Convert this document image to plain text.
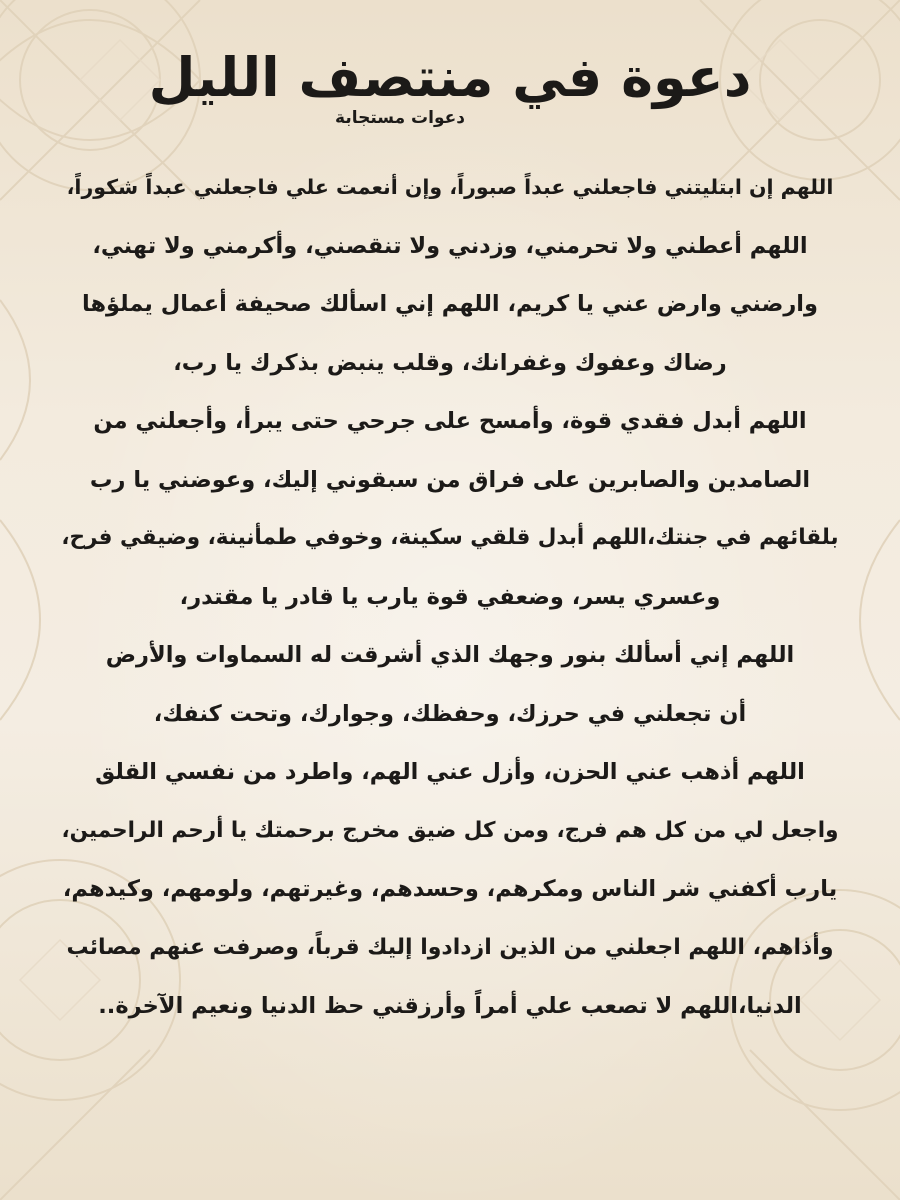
دعوة في منتصف الليل
دعوات مستجابة
اللهم إن ابتليتني فاجعلني عبداً صبوراً، وإن أنعمت علي فاجعلني عبداً شكوراً،
اللهم أعطني ولا تحرمني، وزدني ولا تنقصني، وأكرمني ولا تهني،
وارضني وارض عني يا كريم، اللهم إني اسألك صحيفة أعمال يملؤها
رضاك وعفوك وغفرانك، وقلب ينبض بذكرك يا رب،
اللهم أبدل فقدي قوة، وأمسح على جرحي حتى يبرأ، وأجعلني من
الصامدين والصابرين على فراق من سبقوني إليك، وعوضني يا رب
بلقائهم في جنتك،اللهم أبدل قلقي سكينة، وخوفي طمأنينة، وضيقي فرح،
وعسري يسر، وضعفي قوة يارب يا قادر يا مقتدر،
اللهم إني أسألك بنور وجهك الذي أشرقت له السماوات والأرض
أن تجعلني في حرزك، وحفظك، وجوارك، وتحت كنفك،
اللهم أذهب عني الحزن، وأزل عني الهم، واطرد من نفسي القلق
واجعل لي من كل هم فرج، ومن كل ضيق مخرج برحمتك يا أرحم الراحمين،
يارب أكفني شر الناس ومكرهم، وحسدهم، وغيرتهم، ولومهم، وكيدهم،
وأذاهم، اللهم اجعلني من الذين ازدادوا إليك قرباً، وصرفت عنهم مصائب
الدنيا،اللهم لا تصعب علي أمراً وأرزقني حظ الدنيا ونعيم الآخرة..
